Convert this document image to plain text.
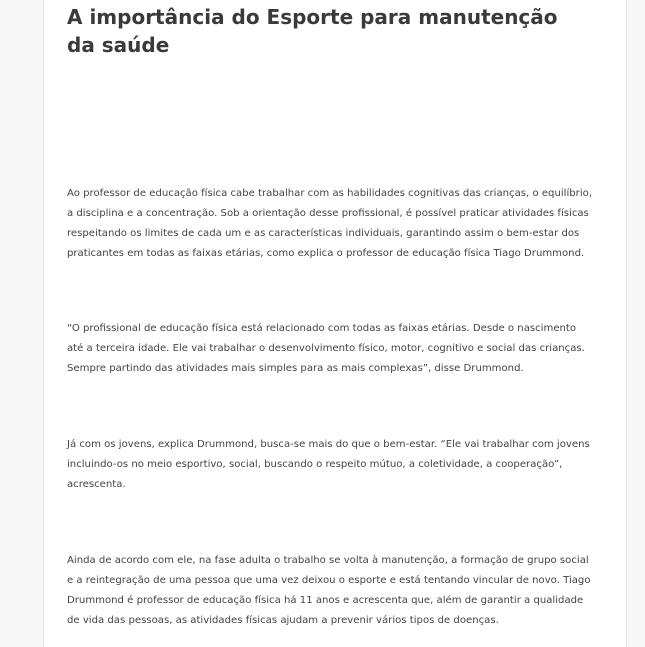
A importância do Esporte para manutenção da saúde

Ao professor de educação física cabe trabalhar com as habilidades cognitivas das crianças, o equilíbrio, a disciplina e a concentração. Sob a orientação desse profissional, é possível praticar atividades físicas respeitando os limites de cada um e as características individuais, garantindo assim o bem-estar dos praticantes em todas as faixas etárias, como explica o professor de educação física Tiago Drummond.

“O profissional de educação física está relacionado com todas as faixas etárias. Desde o nascimento até a terceira idade. Ele vai trabalhar o desenvolvimento físico, motor, cognitivo e social das crianças. Sempre partindo das atividades mais simples para as mais complexas”, disse Drummond.

Já com os jovens, explica Drummond, busca-se mais do que o bem-estar. “Ele vai trabalhar com jovens incluindo-os no meio esportivo, social, buscando o respeito mútuo, a coletividade, a cooperação”, acrescenta.

Ainda de acordo com ele, na fase adulta o trabalho se volta à manutenção, a formação de grupo social e a reintegração de uma pessoa que uma vez deixou o esporte e está tentando vincular de novo. Tiago Drummond é professor de educação física há 11 anos e acrescenta que, além de garantir a qualidade de vida das pessoas, as atividades físicas ajudam a prevenir vários tipos de doenças.
